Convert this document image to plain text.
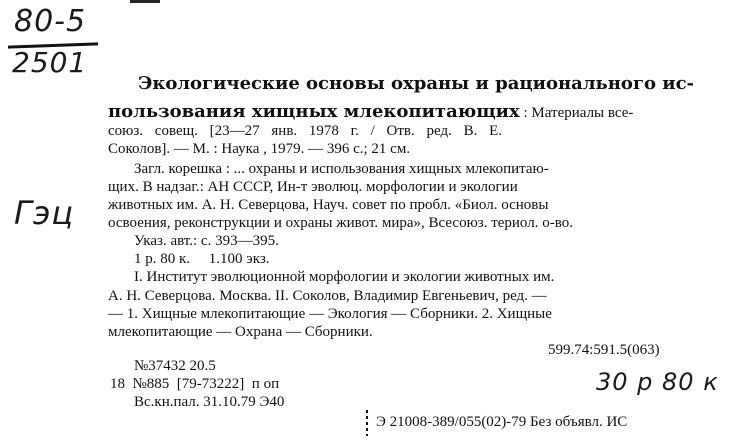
80-5
2501
Гэц
Экологические основы охраны и рационального ис-
пользования хищных млекопитающих : Материалы все-
союз. совещ. [23—27 янв. 1978 г. / Отв. ред. В. Е.
Соколов]. — М. : Наука , 1979. — 396 с.; 21 см.
Загл. корешка : ... охраны и использования хищных млекопитаю-
щих. В надзаг.: АН СССР, Ин-т эволюц. морфологии и экологии
животных им. А. Н. Северцова, Науч. совет по пробл. «Биол. основы
освоения, реконструкции и охраны живот. мира», Всесоюз. териол. о-во.
Указ. авт.: с. 393—395.
1 р. 80 к.     1.100 экз.
I. Институт эволюционной морфологии и экологии животных им.
А. Н. Северцова. Москва. II. Соколов, Владимир Евгеньевич, ред. —
— 1. Хищные млекопитающие — Экология — Сборники. 2. Хищные
млекопитающие — Охрана — Сборники.
599.74:591.5(063)
№37432 20.5
18  №885  [79-73222]  п оп
Вс.кн.пал. 31.10.79 Э40
30 р 80 к
Э 21008-389/055(02)-79 Без объявл. ИС
